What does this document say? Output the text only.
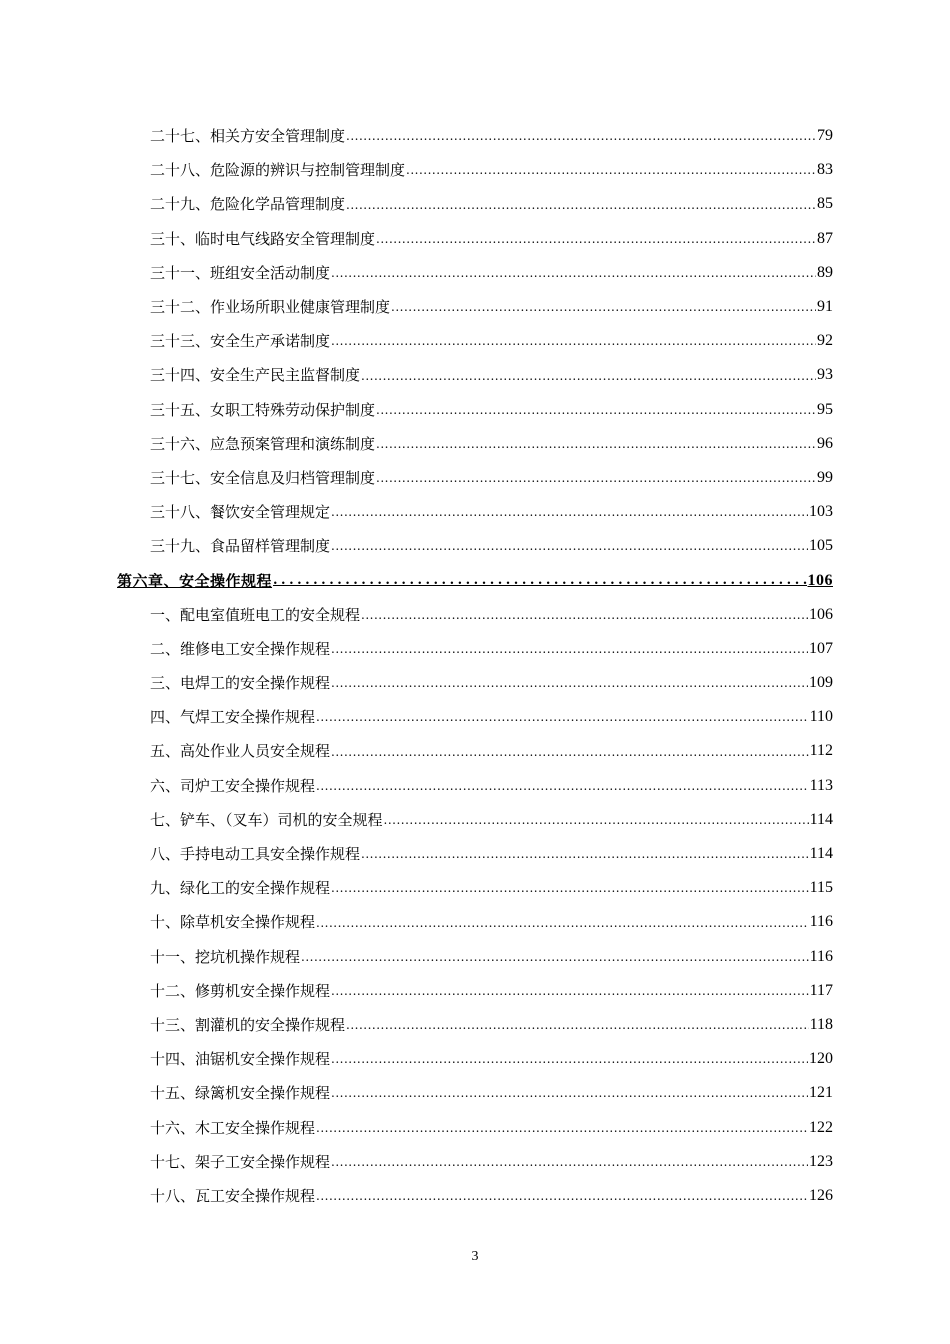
二十七、相关方安全管理制度 .....	79
二十八、危险源的辨识与控制管理制度 .....	83
二十九、危险化学品管理制度 .....	85
三十、临时电气线路安全管理制度 .....	87
三十一、班组安全活动制度 .....	89
三十二、作业场所职业健康管理制度 .....	91
三十三、安全生产承诺制度 .....	92
三十四、安全生产民主监督制度 .....	93
三十五、女职工特殊劳动保护制度 .....	95
三十六、应急预案管理和演练制度 .....	96
三十七、安全信息及归档管理制度 .....	99
三十八、餐饮安全管理规定 .....	103
三十九、食品留样管理制度 .....	105
第六章、安全操作规程 .....	106
一、配电室值班电工的安全规程 .....	106
二、维修电工安全操作规程 .....	107
三、电焊工的安全操作规程 .....	109
四、气焊工安全操作规程 .....	110
五、高处作业人员安全规程 .....	112
六、司炉工安全操作规程 .....	113
七、铲车、（叉车）司机的安全规程 .....	114
八、手持电动工具安全操作规程 .....	114
九、绿化工的安全操作规程 .....	115
十、除草机安全操作规程 .....	116
十一、挖坑机操作规程 .....	116
十二、修剪机安全操作规程 .....	117
十三、割灌机的安全操作规程 .....	118
十四、油锯机安全操作规程 .....	120
十五、绿篱机安全操作规程 .....	121
十六、木工安全操作规程 .....	122
十七、架子工安全操作规程 .....	123
十八、瓦工安全操作规程 .....	126
3
